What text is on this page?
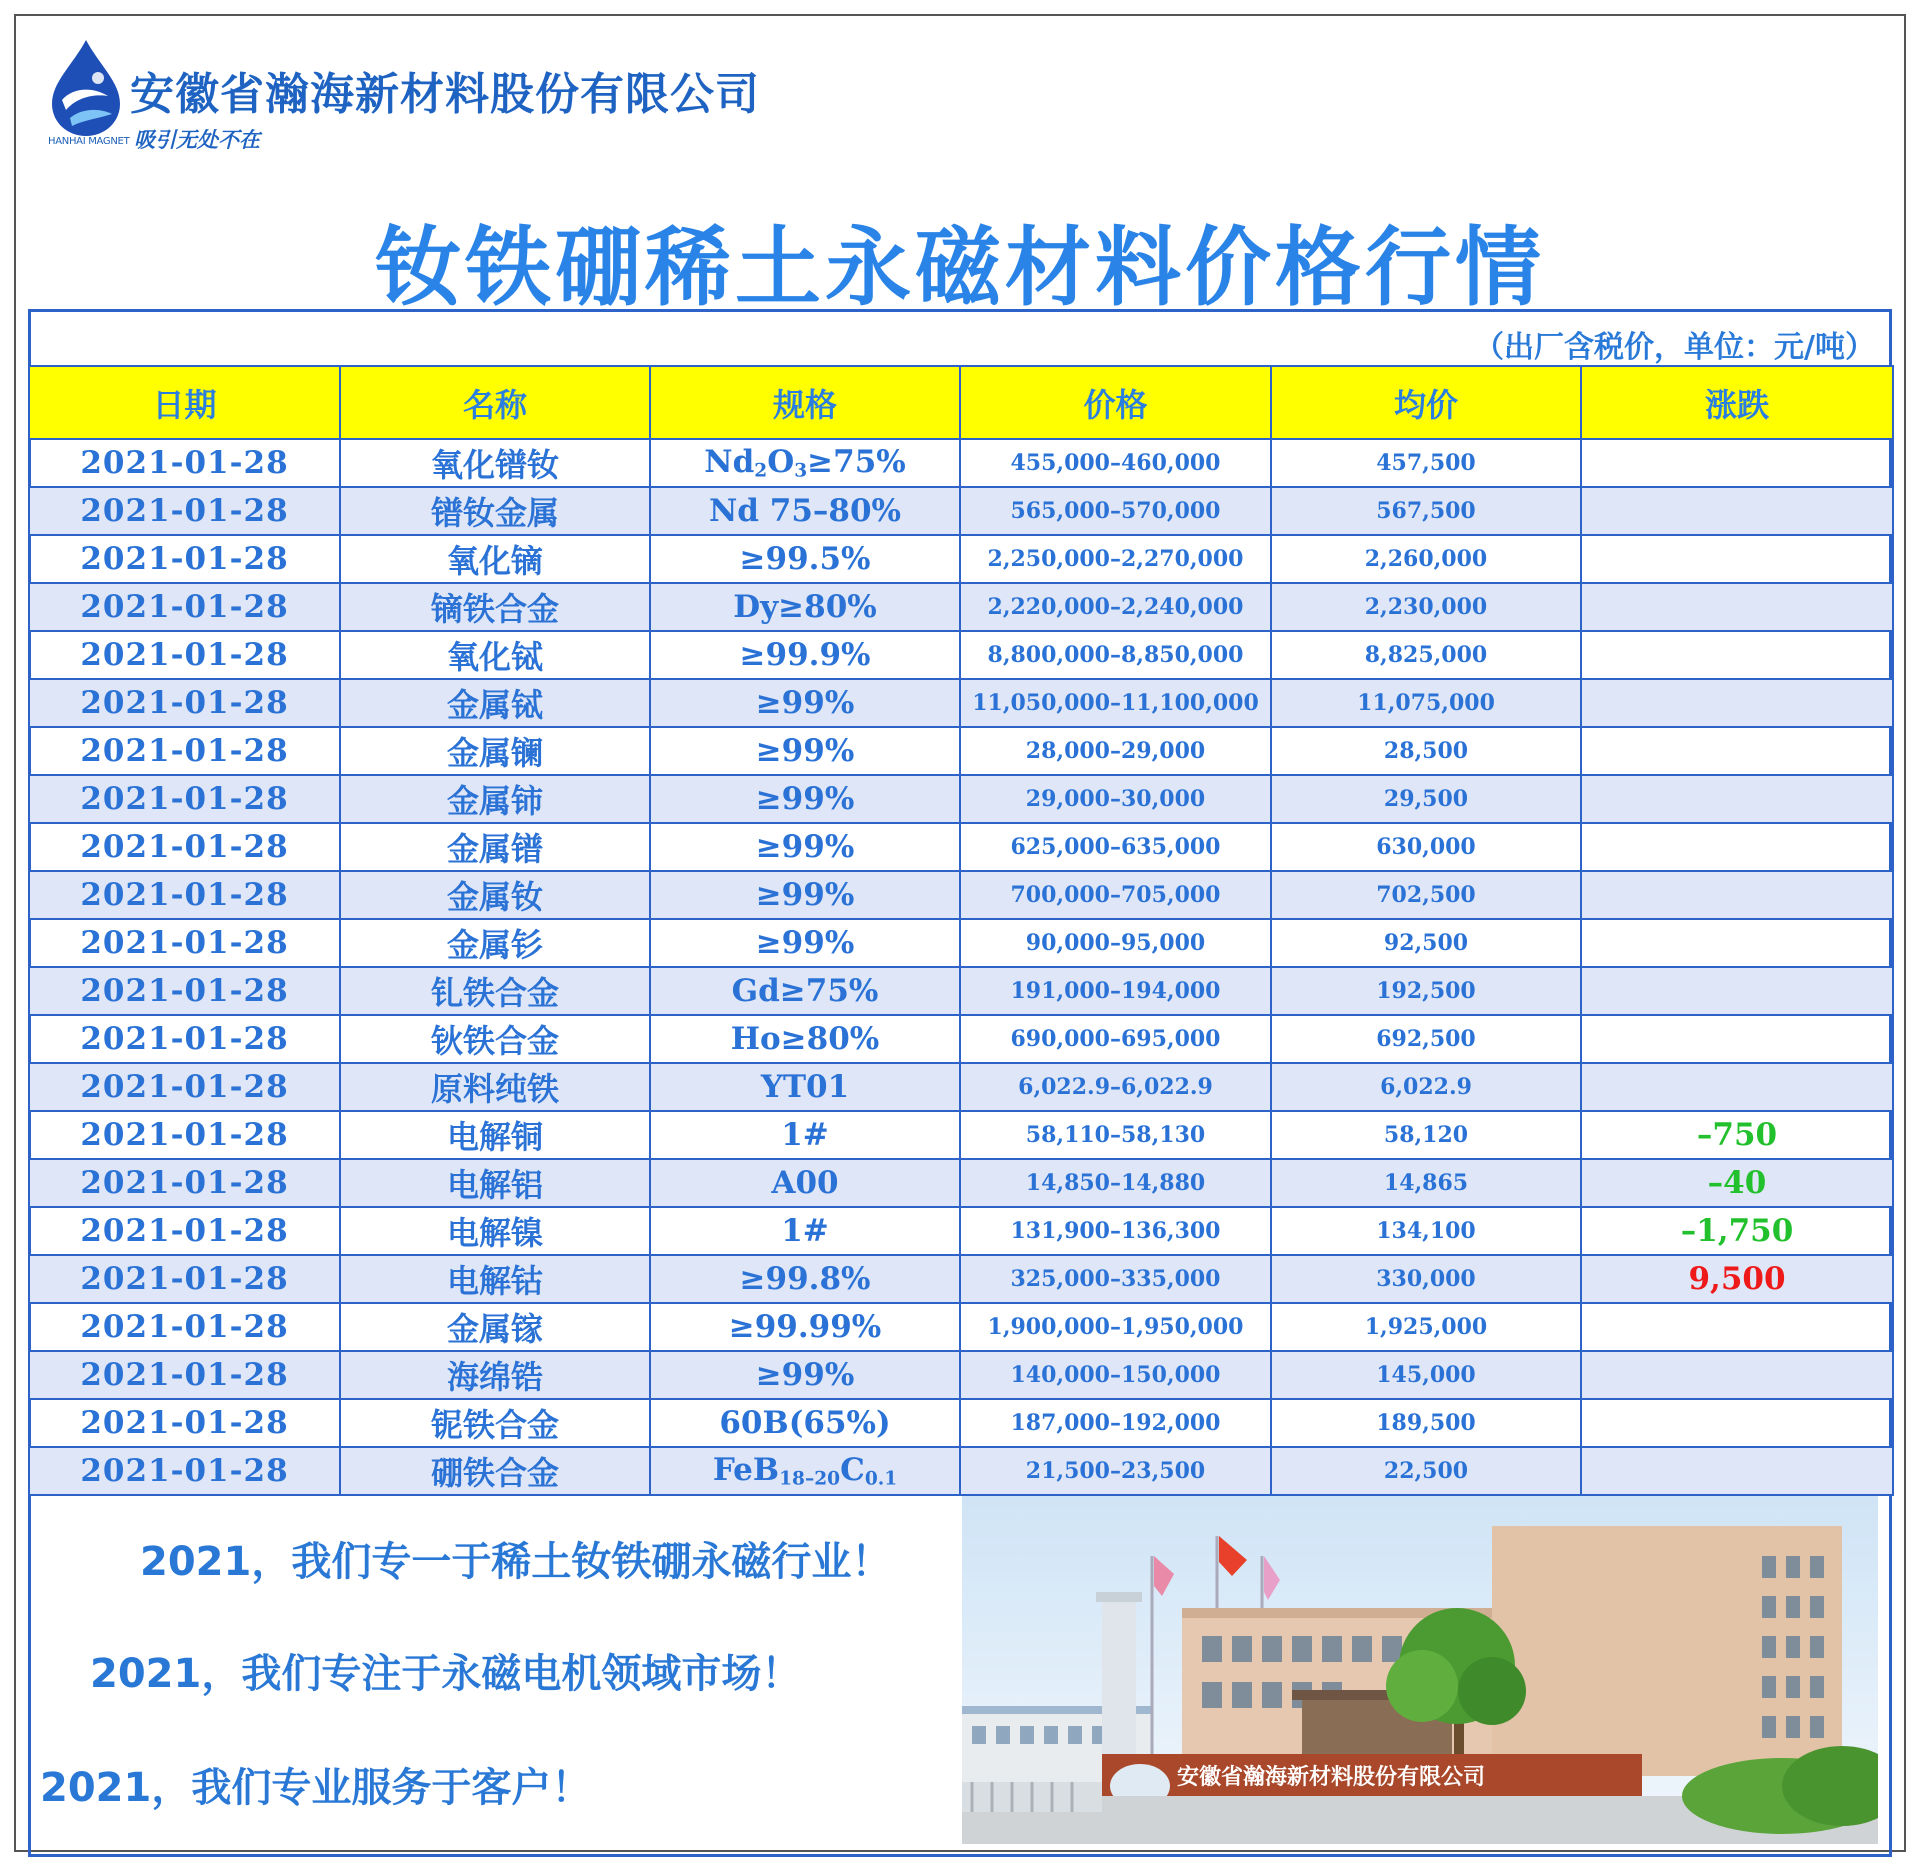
HANHAI MAGNET
安徽省瀚海新材料股份有限公司
吸引无处不在
钕铁硼稀土永磁材料价格行情
（出厂含税价，单位：元/吨）
日期	名称	规格	价格	均价	涨跌
2021-01-28	氧化镨钕	$Nd_2O_3\ge 75\%$	455,000–460,000	457,500	
2021-01-28	镨钕金属	Nd 75–80%	565,000–570,000	567,500	
2021-01-28	氧化镝	≥99.5%	2,250,000–2,270,000	2,260,000	
2021-01-28	镝铁合金	Dy≥80%	2,220,000–2,240,000	2,230,000	
2021-01-28	氧化铽	≥99.9%	8,800,000–8,850,000	8,825,000	
2021-01-28	金属铽	≥99%	11,050,000–11,100,000	11,075,000	
2021-01-28	金属镧	≥99%	28,000–29,000	28,500	
2021-01-28	金属铈	≥99%	29,000–30,000	29,500	
2021-01-28	金属镨	≥99%	625,000–635,000	630,000	
2021-01-28	金属钕	≥99%	700,000–705,000	702,500	
2021-01-28	金属钐	≥99%	90,000–95,000	92,500	
2021-01-28	钆铁合金	Gd≥75%	191,000–194,000	192,500	
2021-01-28	钬铁合金	Ho≥80%	690,000–695,000	692,500	
2021-01-28	原料纯铁	YT01	6,022.9–6,022.9	6,022.9	
2021-01-28	电解铜	1#	58,110–58,130	58,120	–750
2021-01-28	电解铝	A00	14,850–14,880	14,865	–40
2021-01-28	电解镍	1#	131,900–136,300	134,100	–1,750
2021-01-28	电解钴	≥99.8%	325,000–335,000	330,000	9,500
2021-01-28	金属镓	≥99.99%	1,900,000–1,950,000	1,925,000	
2021-01-28	海绵锆	≥99%	140,000–150,000	145,000	
2021-01-28	铌铁合金	60B(65%)	187,000–192,000	189,500	
2021-01-28	硼铁合金	$FeB_{18-20}C_{0.1}$	21,500–23,500	22,500	
2021，我们专一于稀土钕铁硼永磁行业！
2021，我们专注于永磁电机领域市场！
2021，我们专业服务于客户！	安徽省瀚海新材料股份有限公司
